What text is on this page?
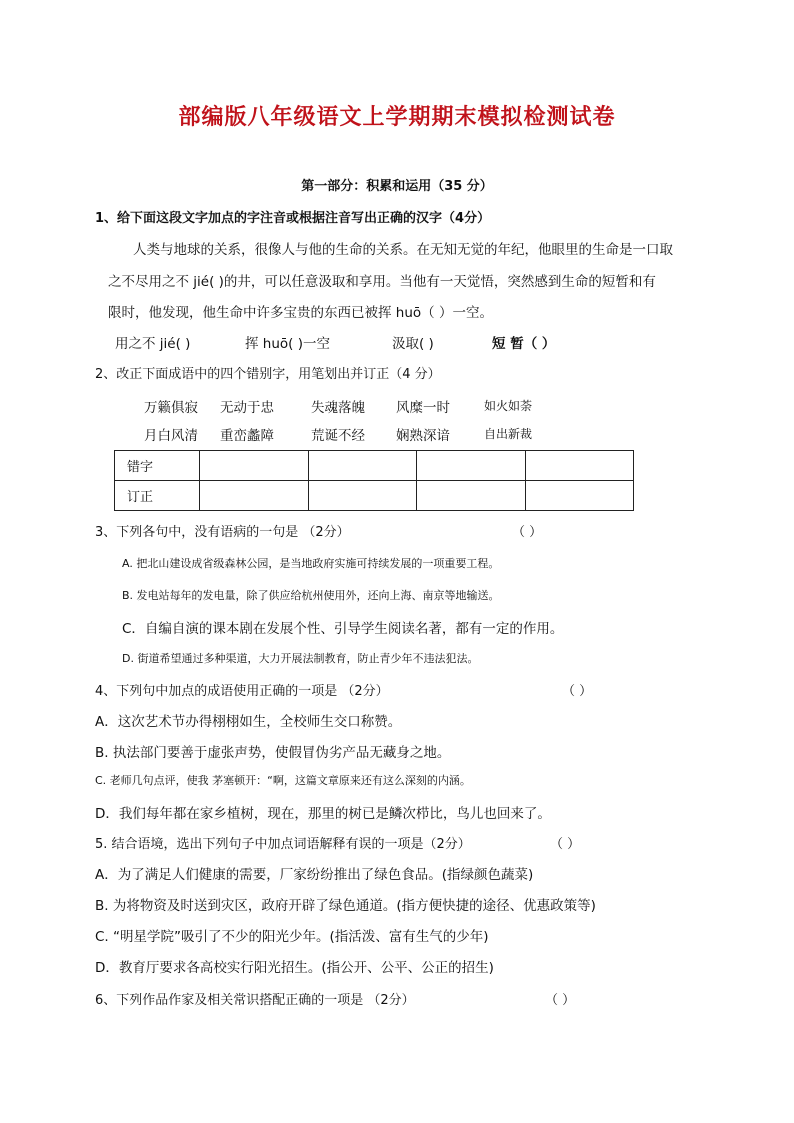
部编版八年级语文上学期期末模拟检测试卷
第一部分：积累和运用（35 分）
1、给下面这段文字加点的字注音或根据注音写出正确的汉字（4分）
人类与地球的关系，很像人与他的生命的关系。在无知无觉的年纪，他眼里的生命是一口取
之不尽用之不 jié( )的井，可以任意汲取和享用。当他有一天觉悟，突然感到生命的短暂和有
限时，他发现，他生命中许多宝贵的东西已被挥 huō（ ）一空。
用之不 jié( )	挥 huō( )一空	汲取( )	短 暂（ ）
2、改正下面成语中的四个错别字，用笔划出并订正（4 分）
万籁俱寂 无动于忠	失魂落魄 风糜一时	如火如荼
月白风清 重峦蠡障	荒诞不经 娴熟深谙	自出新裁
错字				
订正				
3、下列各句中，没有语病的一句是 （2分）	（ ）
A. 把北山建设成省级森林公园，是当地政府实施可持续发展的一项重要工程。
B. 发电站每年的发电量，除了供应给杭州使用外，还向上海、南京等地输送。
C．自编自演的课本剧在发展个性、引导学生阅读名著，都有一定的作用。
D. 街道希望通过多种渠道，大力开展法制教育，防止青少年不违法犯法。
4、下列句中加点的成语使用正确的一项是 （2分）	（ ）
A．这次艺术节办得栩栩如生，全校师生交口称赞。
B. 执法部门要善于虚张声势，使假冒伪劣产品无藏身之地。
C. 老师几句点评，使我 茅塞顿开：“啊，这篇文章原来还有这么深刻的内涵。
D．我们每年都在家乡植树，现在，那里的树已是鳞次栉比，鸟儿也回来了。
5. 结合语境，选出下列句子中加点词语解释有误的一项是（2分）	（ ）
A．为了满足人们健康的需要，厂家纷纷推出了绿色食品。(指绿颜色蔬菜)
B. 为将物资及时送到灾区，政府开辟了绿色通道。(指方便快捷的途径、优惠政策等)
C. “明星学院”吸引了不少的阳光少年。(指活泼、富有生气的少年)
D．教育厅要求各高校实行阳光招生。(指公开、公平、公正的招生)
6、下列作品作家及相关常识搭配正确的一项是 （2分）	（ ）
